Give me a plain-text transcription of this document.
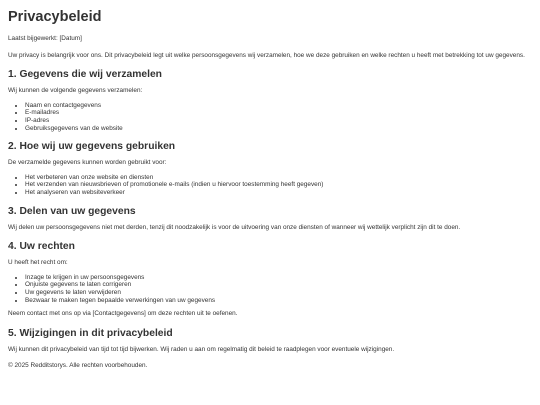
Privacybeleid

Laatst bijgewerkt: [Datum]

Uw privacy is belangrijk voor ons. Dit privacybeleid legt uit welke persoonsgegevens wij verzamelen, hoe we deze gebruiken en welke rechten u heeft met betrekking tot uw gegevens.

1. Gegevens die wij verzamelen

Wij kunnen de volgende gegevens verzamelen:

• Naam en contactgegevens
• E-mailadres
• IP-adres
• Gebruiksgegevens van de website
2. Hoe wij uw gegevens gebruiken

De verzamelde gegevens kunnen worden gebruikt voor:

• Het verbeteren van onze website en diensten
• Het verzenden van nieuwsbrieven of promotionele e-mails (indien u hiervoor toestemming heeft gegeven)
• Het analyseren van websiteverkeer
3. Delen van uw gegevens

Wij delen uw persoonsgegevens niet met derden, tenzij dit noodzakelijk is voor de uitvoering van onze diensten of wanneer wij wettelijk verplicht zijn dit te doen.

4. Uw rechten

U heeft het recht om:

• Inzage te krijgen in uw persoonsgegevens
• Onjuiste gegevens te laten corrigeren
• Uw gegevens te laten verwijderen
• Bezwaar te maken tegen bepaalde verwerkingen van uw gegevens

Neem contact met ons op via [Contactgegevens] om deze rechten uit te oefenen.

5. Wijzigingen in dit privacybeleid

Wij kunnen dit privacybeleid van tijd tot tijd bijwerken. Wij raden u aan om regelmatig dit beleid te raadplegen voor eventuele wijzigingen.

© 2025 Redditstorys. Alle rechten voorbehouden.
